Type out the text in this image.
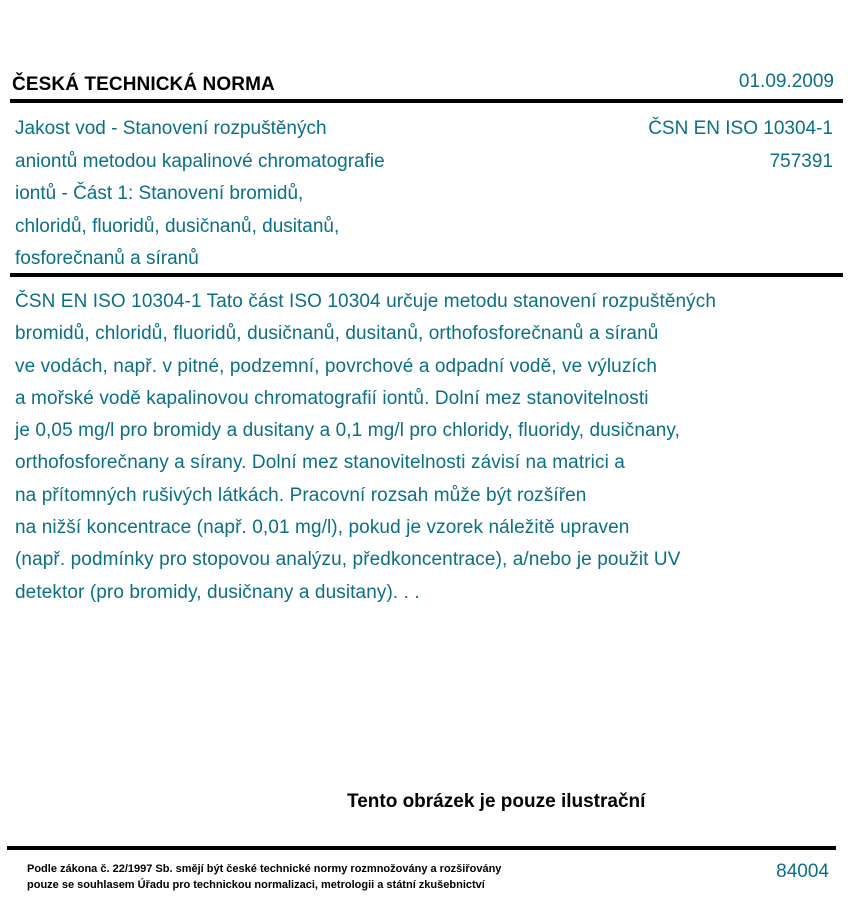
ČESKÁ TECHNICKÁ NORMA	01.09.2009
Jakost vod - Stanovení rozpuštěných
aniontů metodou kapalinové chromatografie
iontů - Část 1: Stanovení bromidů,
chloridů, fluoridů, dusičnanů, dusitanů,
fosforečnanů a síranů
ČSN EN ISO 10304-1
757391
ČSN EN ISO 10304-1 Tato část ISO 10304 určuje metodu stanovení rozpuštěných
bromidů, chloridů, fluoridů, dusičnanů, dusitanů, orthofosforečnanů a síranů
ve vodách, např. v pitné, podzemní, povrchové a odpadní vodě, ve výluzích
a mořské vodě kapalinovou chromatografií iontů. Dolní mez stanovitelnosti
je 0,05 mg/l pro bromidy a dusitany a 0,1 mg/l pro chloridy, fluoridy, dusičnany,
orthofosforečnany a sírany. Dolní mez stanovitelnosti závisí na matrici a
na přítomných rušivých látkách. Pracovní rozsah může být rozšířen
na nižší koncentrace (např. 0,01 mg/l), pokud je vzorek náležitě upraven
(např. podmínky pro stopovou analýzu, předkoncentrace), a/nebo je použit UV
detektor (pro bromidy, dusičnany a dusitany). . .
Tento obrázek je pouze ilustrační
Podle zákona č. 22/1997 Sb. smějí být české technické normy rozmnožovány a rozšiřovány
pouze se souhlasem Úřadu pro technickou normalizaci, metrologii a státní zkušebnictví
84004
